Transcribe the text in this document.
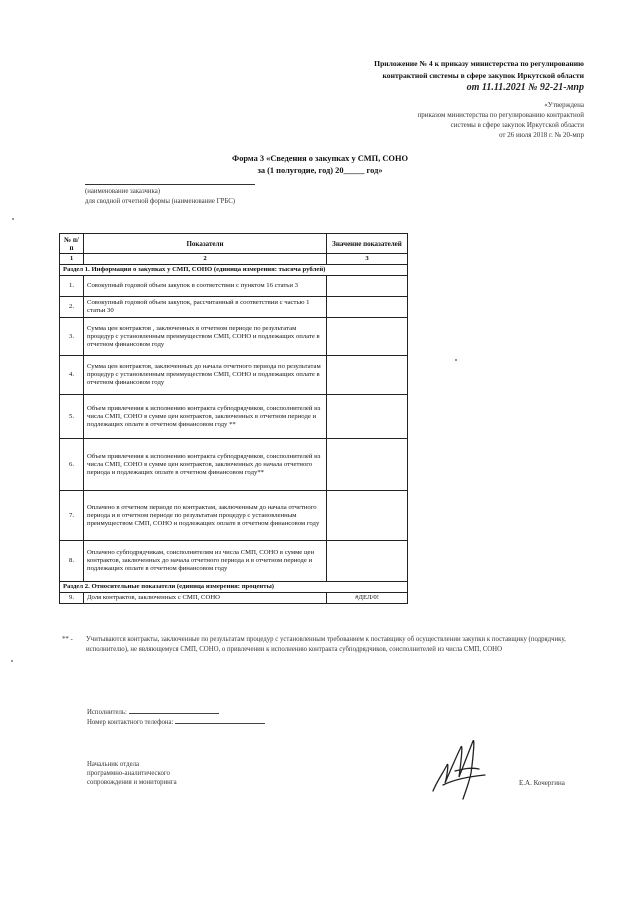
Приложение № 4 к приказу министерства по регулированию
контрактной системы в сфере закупок Иркутской области
от 11.11.2021 № 92-21-мпр
«Утверждена
приказом министерства по регулированию контрактной
системы в сфере закупок Иркутской области
от 26 июля 2018 г. № 20-мпр
Форма 3 «Сведения о закупках у СМП, СОНО
за (1 полугодие, год) 20_____ год»
(наименование заказчика)
для сводной отчетной формы (наименование ГРБС)
№ п/п	Показатели	Значение показателей
1	2	3
Раздел 1. Информация о закупках у СМП, СОНО (единица измерения: тысяча рублей)		
1.	Совокупный годовой объем закупок в соответствии с пунктом 16 статьи 3	
2.	Совокупный годовой объем закупок, рассчитанный в соответствии с частью 1 статьи 30	
3.	Сумма цен контрактов , заключенных в отчетном периоде по результатам процедур с установленным преимуществом СМП, СОНО и подлежащих оплате в отчетном финансовом году	
4.	Сумма цен контрактов, заключенных до начала отчетного периода по результатам процедур с установленным преимуществом СМП, СОНО и подлежащих оплате в отчетном финансовом году	
5.	Объем привлечения к исполнению контракта субподрядчиков, соисполнителей из числа СМП, СОНО в сумме цен контрактов, заключенных в отчетном периоде и подлежащих оплате в отчетном финансовом году **	
6.	Объем привлечения к исполнению контракта субподрядчиков, соисполнителей из числа СМП, СОНО в сумме цен контрактов, заключенных до начала отчетного периода и подлежащих оплате в отчетном финансовом году**	
7.	Оплачено в отчетном периоде по контрактам, заключенным до начала отчетного периода и в отчетном периоде по результатам процедур с установленным преимуществом СМП, СОНО и подлежащих оплате в отчетном финансовом году	
8.	Оплачено субподрядчикам, соисполнителям из числа СМП, СОНО в сумме цен контрактов, заключенных до начала отчетного периода и в отчетном периоде и подлежащих оплате в отчетном финансовом году	
Раздел 2. Относительные показатели (единица измерения: проценты)		
9.	Доля контрактов, заключенных с СМП, СОНО	#ДЕЛ/0!
** -	Учитываются контракты, заключенные по результатам процедур с установленным требованием к поставщику об осуществлении закупки к поставщику (подрядчику, исполнителю), не являющемуся СМП, СОНО, о привлечении к исполнению контракта субподрядчиков, соисполнителей из числа СМП, СОНО
Исполнитель:
Номер контактного телефона:
Начальник отдела
программно-аналитического
сопровождения и мониторинга	Е.А. Кочергина
